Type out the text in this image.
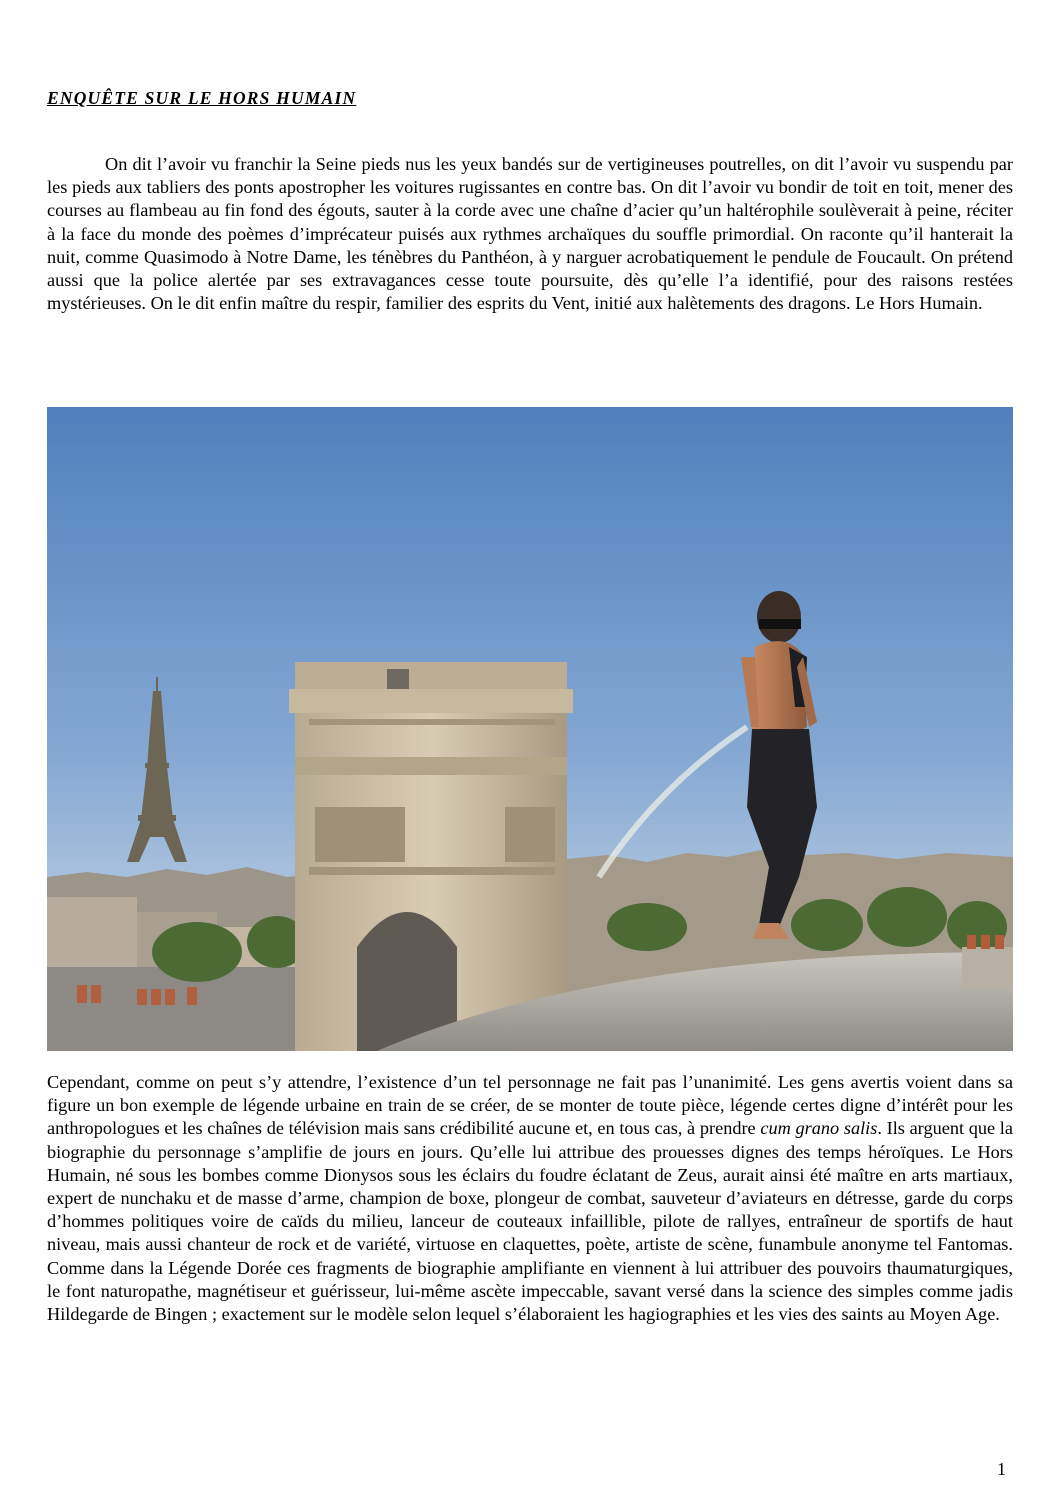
ENQUÊTE SUR LE HORS HUMAIN

On dit l’avoir vu franchir la Seine pieds nus les yeux bandés sur de vertigineuses poutrelles, on dit l’avoir vu suspendu par les pieds aux tabliers des ponts apostropher les voitures rugissantes en contre bas. On dit l’avoir vu bondir de toit en toit, mener des courses au flambeau au fin fond des égouts, sauter à la corde avec une chaîne d’acier qu’un haltérophile soulèverait à peine, réciter à la face du monde des poèmes d’imprécateur puisés aux rythmes archaïques du souffle primordial. On raconte qu’il hanterait la nuit, comme Quasimodo à Notre Dame, les ténèbres du Panthéon, à y narguer acrobatiquement le pendule de Foucault. On prétend aussi que la police alertée par ses extravagances cesse toute poursuite, dès qu’elle l’a identifié, pour des raisons restées mystérieuses. On le dit enfin maître du respir, familier des esprits du Vent, initié aux halètements des dragons. Le Hors Humain.

Cependant, comme on peut s’y attendre, l’existence d’un tel personnage ne fait pas l’unanimité. Les gens avertis voient dans sa figure un bon exemple de légende urbaine en train de se créer, de se monter de toute pièce, légende certes digne d’intérêt pour les anthropologues et les chaînes de télévision mais sans crédibilité aucune et, en tous cas, à prendre cum grano salis. Ils arguent que la biographie du personnage s’amplifie de jours en jours. Qu’elle lui attribue des prouesses dignes des temps héroïques. Le Hors Humain, né sous les bombes comme Dionysos sous les éclairs du foudre éclatant de Zeus, aurait ainsi été maître en arts martiaux, expert de nunchaku et de masse d’arme, champion de boxe, plongeur de combat, sauveteur d’aviateurs en détresse, garde du corps d’hommes politiques voire de caïds du milieu, lanceur de couteaux infaillible, pilote de rallyes, entraîneur de sportifs de haut niveau, mais aussi chanteur de rock et de variété, virtuose en claquettes, poète, artiste de scène, funambule anonyme tel Fantomas. Comme dans la Légende Dorée ces fragments de biographie amplifiante en viennent à lui attribuer des pouvoirs thaumaturgiques, le font naturopathe, magnétiseur et guérisseur, lui-même ascète impeccable, savant versé dans la science des simples comme jadis Hildegarde de Bingen ; exactement sur le modèle selon lequel s’élaboraient les hagiographies et les vies des saints au Moyen Age.

1
